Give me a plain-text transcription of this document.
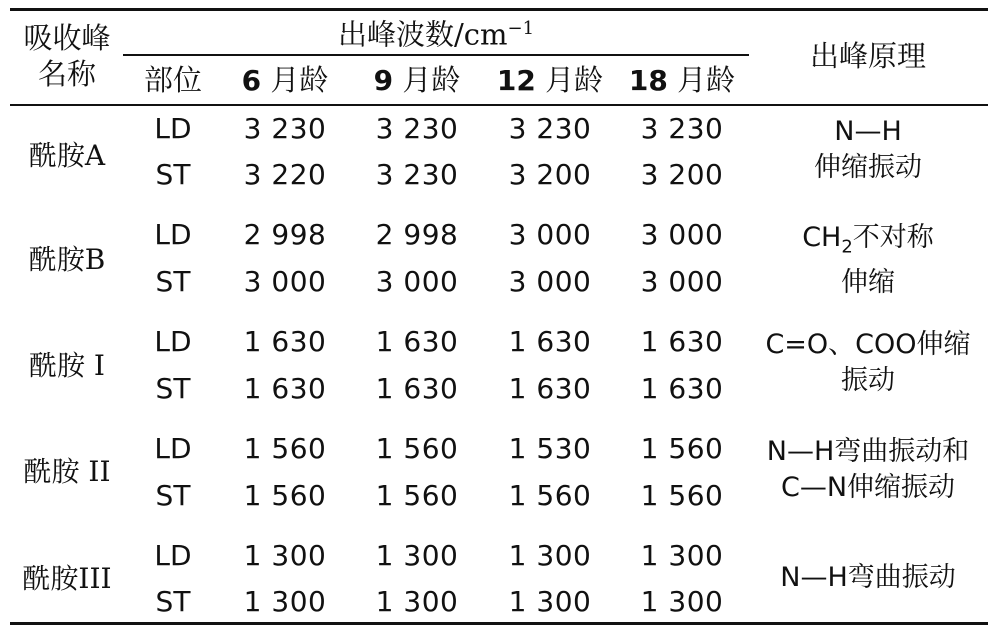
吸收峰
名称
出峰波数$/cm^{-1}$
出峰原理
部位 6 月龄 9 月龄 12 月龄 18 月龄
酰胺A
LD
ST
3 230 3 230 3 230 3 230
3 220 3 230 3 200 3 200
N—H
伸缩振动
酰胺B
LD
ST
2 998 2 998 3 000 3 000
3 000 3 000 3 000 3 000
$CH_2$不对称
伸缩
酰胺 I
LD
ST
1 630 1 630 1 630 1 630
1 630 1 630 1 630 1 630
C=O、COO伸缩
振动
酰胺 II
LD
ST
1 560 1 560 1 530 1 560
1 560 1 560 1 560 1 560
N—H弯曲振动和
C—N伸缩振动
酰胺III
LD
ST
1 300 1 300 1 300 1 300
1 300 1 300 1 300 1 300
N—H弯曲振动
